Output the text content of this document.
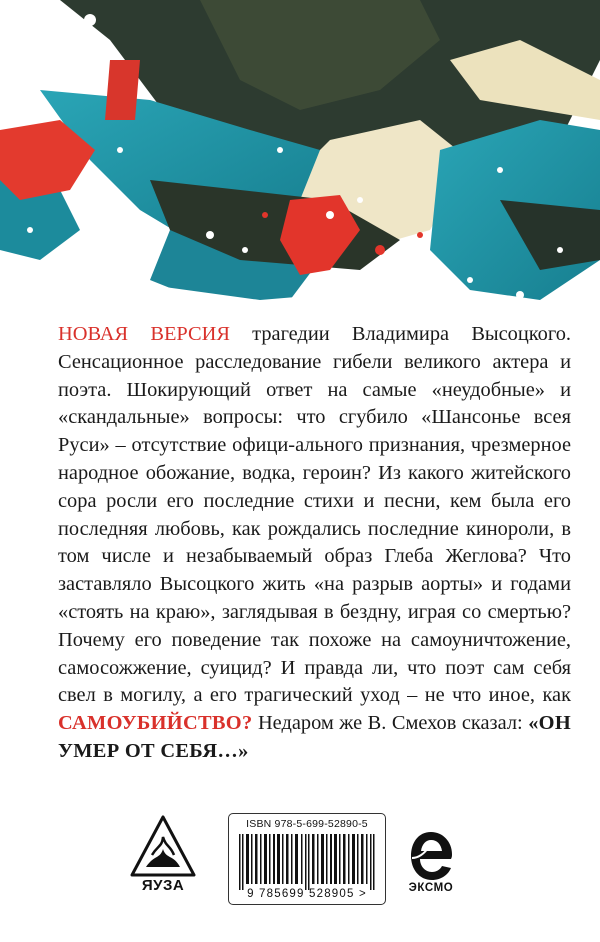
НОВАЯ ВЕРСИЯ трагедии Владимира Высоцкого. Сенсационное расследование гибели великого актера и поэта. Шокирующий ответ на самые «неудобные» и «скандальные» вопросы: что сгубило «Шансонье всея Руси» – отсутствие офици-ального признания, чрезмерное народное обожание, водка, героин? Из какого житейского сора росли его последние стихи и песни, кем была его последняя любовь, как рождались последние кинороли, в том числе и незабываемый образ Глеба Жеглова? Что заставляло Высоцкого жить «на разрыв аорты» и годами «стоять на краю», заглядывая в бездну, играя со смертью? Почему его поведение так похоже на самоуничтожение, самосожжение, суицид? И правда ли, что поэт сам себя свел в могилу, а его трагический уход – не что иное, как САМОУБИЙСТВО? Недаром же В. Смехов сказал: «ОН УМЕР ОТ СЕБЯ…»

ЯУЗА
ISBN 978-5-699-52890-5
9 785699 528905 >	ЭКСМО
